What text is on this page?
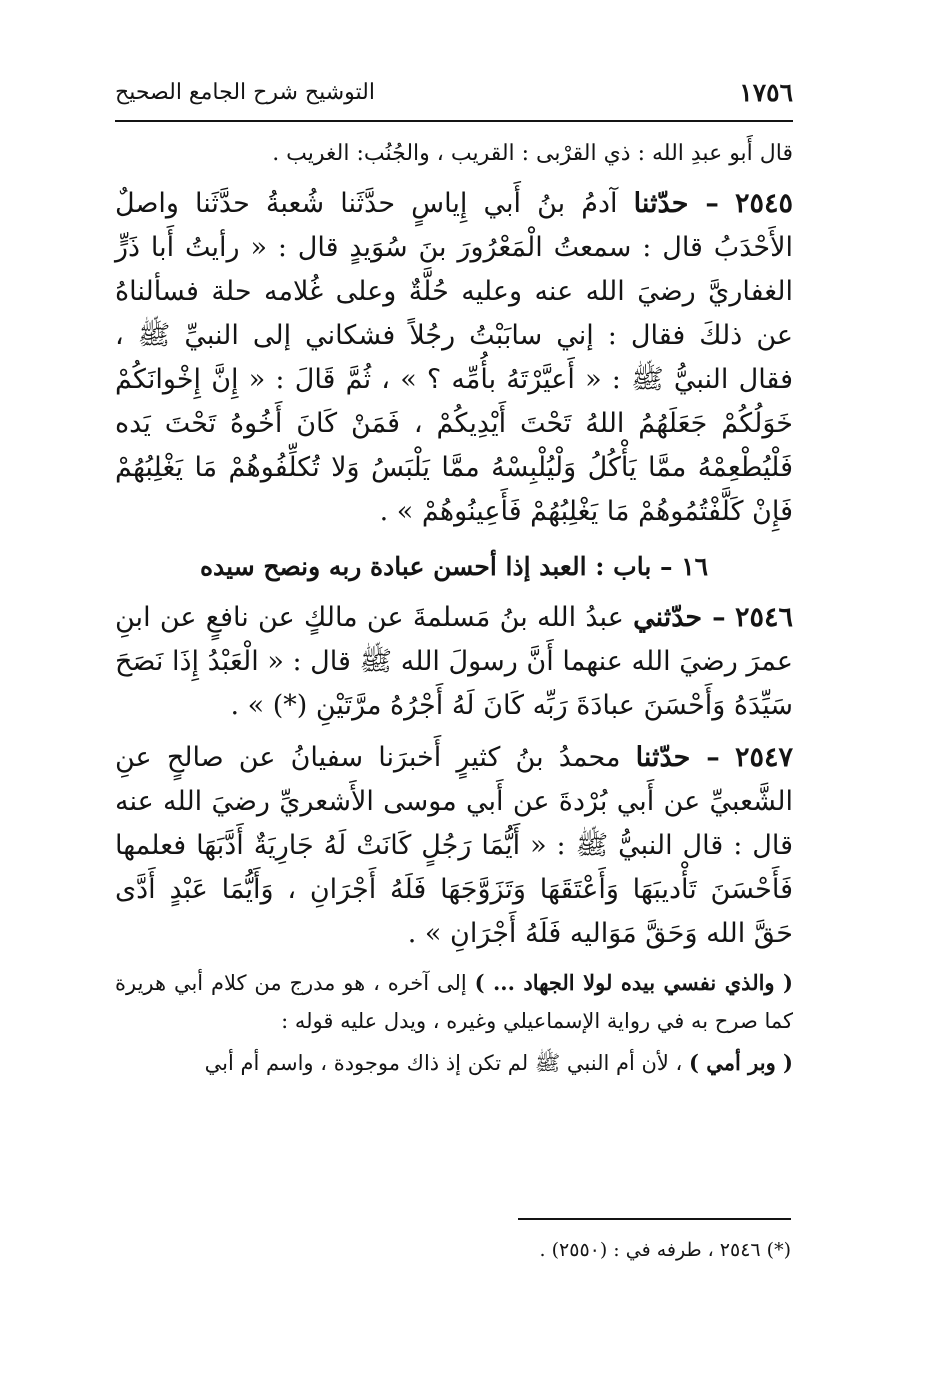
١٧٥٦
التوشيح شرح الجامع الصحيح

قال أَبو عبدِ الله : ذي القرْبى : القريب ، والجُنُب: الغريب .

٢٥٤٥ – حدّثنا آدمُ بنُ أَبي إِياسٍ حدَّثَنا شُعبةُ حدَّثَنا واصلٌ الأَحْدَبُ قال : سمعتُ الْمَعْرُورَ بنَ سُوَيدٍ قال : « رأيتُ أَبا ذَرٍّ الغفاريَّ رضيَ الله عنه وعليه حُلَّةٌ وعلى غُلامه حلة فسألناهُ عن ذلكَ فقال : إني سابَبْتُ رجُلاً فشكاني إلى النبيِّ ﷺ ، فقال النبيُّ ﷺ : « أَعيَّرْتَهُ بأُمِّه ؟ » ، ثُمَّ قَالَ : « إِنَّ إِخْوانَكُمْ خَوَلُكُمْ جَعَلَهُمُ اللهُ تَحْتَ أَيْدِيكُمْ ، فَمَنْ كَانَ أَخُوهُ تَحْتَ يَده فَلْيُطْعِمْهُ ممَّا يَأْكُلُ وَلْيُلْبِسْهُ ممَّا يَلْبَسُ وَلا تُكلِّفُوهُمْ مَا يَغْلِبُهُمْ فَإِنْ كَلَّفْتُمُوهُمْ مَا يَغْلِبُهُمْ فَأَعِينُوهُمْ » .

١٦ – باب : العبد إذا أحسن عبادة ربه ونصح سيده

٢٥٤٦ – حدّثني عبدُ الله بنُ مَسلمةَ عن مالكٍ عن نافعٍ عن ابنِ عمرَ رضيَ الله عنهما أَنَّ رسولَ الله ﷺ قال : « الْعَبْدُ إِذَا نَصَحَ سَيِّدَهُ وَأَحْسَنَ عبادَةَ رَبِّه كَانَ لَهُ أَجْرُهُ مرَّتَيْنِ (*) » .

٢٥٤٧ – حدّثنا محمدُ بنُ كثيرٍ أَخبرَنا سفيانُ عن صالحٍ عنِ الشَّعبيِّ عن أَبي بُرْدةَ عن أَبي موسى الأَشعريِّ رضيَ الله عنه قال : قال النبيُّ ﷺ : « أَيُّمَا رَجُلٍ كَانَتْ لَهُ جَارِيَةٌ أَدَّبَهَا فعلمها فَأَحْسَنَ تَأْديبَهَا وَأَعْتَقَهَا وَتَزَوَّجَهَا فَلَهُ أَجْرَانِ ، وَأَيُّمَا عَبْدٍ أَدَّى حَقَّ الله وَحَقَّ مَوَاليه فَلَهُ أَجْرَانِ » .

( والذي نفسي بيده لولا الجهاد ... ) إلى آخره ، هو مدرج من كلام أبي هريرة كما صرح به في رواية الإسماعيلي وغيره ، ويدل عليه قوله :

( وبر أمي ) ، لأن أم النبي ﷺ لم تكن إذ ذاك موجودة ، واسم أم أبي

(*) ٢٥٤٦ ، طرفه في : (٢٥٥٠) .
